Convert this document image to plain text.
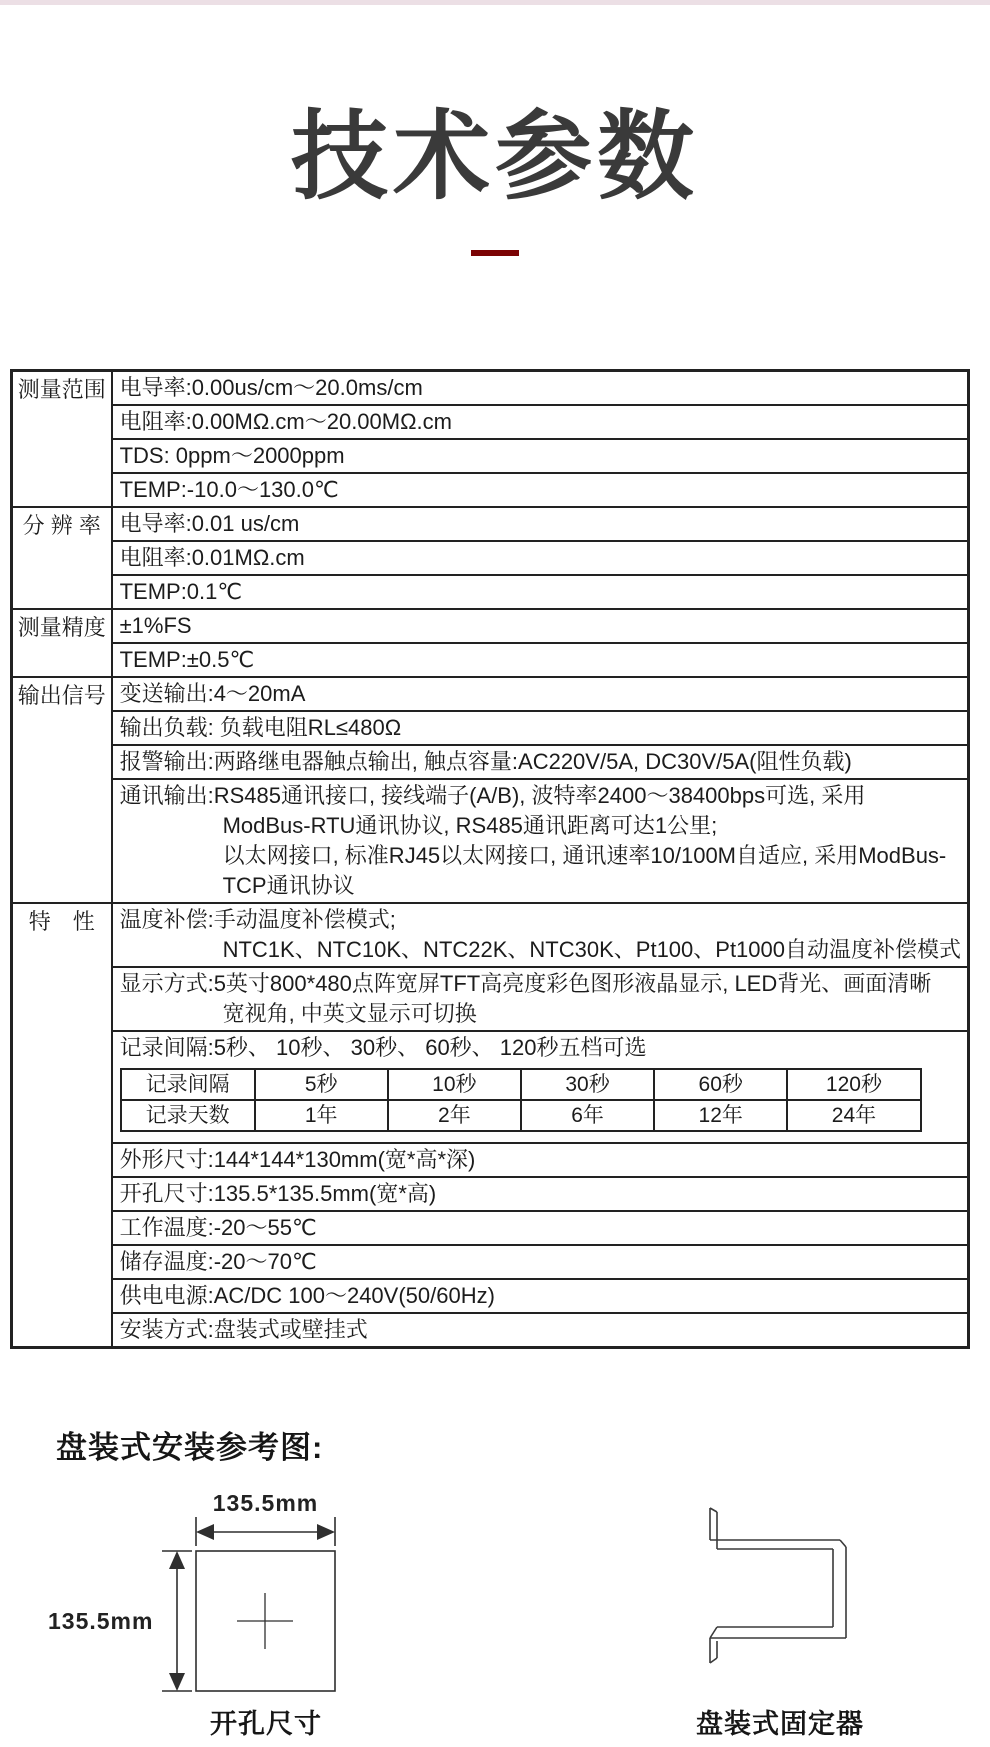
技术参数
测量范围	电导率:0.00us/cm～20.0ms/cm

电阻率:0.00MΩ.cm～20.00MΩ.cm

TDS: 0ppm～2000ppm

TEMP:-10.0～130.0℃

分 辨 率	电导率:0.01 us/cm

电阻率:0.01MΩ.cm

TEMP:0.1℃

测量精度	±1%FS

TEMP:±0.5℃

输出信号	变送输出:4～20mA

输出负载: 负载电阻RL≤480Ω

报警输出:两路继电器触点输出, 触点容量:AC220V/5A, DC30V/5A(阻性负载)

通讯输出:RS485通讯接口, 接线端子(A/B), 波特率2400～38400bps可选, 采用
ModBus-RTU通讯协议, RS485通讯距离可达1公里;
以太网接口, 标准RJ45以太网接口, 通讯速率10/100M自适应, 采用ModBus-
TCP通讯协议

特　性	温度补偿:手动温度补偿模式;
NTC1K、NTC10K、NTC22K、NTC30K、Pt100、Pt1000自动温度补偿模式

显示方式:5英寸800*480点阵宽屏TFT高亮度彩色图形液晶显示, LED背光、画面清晰
宽视角, 中英文显示可切换

记录间隔:5秒、 10秒、 30秒、 60秒、 120秒五档可选
记录间隔	5秒	10秒	30秒	60秒	120秒
记录天数	1年	2年	6年	12年	24年

外形尺寸:144*144*130mm(宽*高*深)

开孔尺寸:135.5*135.5mm(宽*高)

工作温度:-20～55℃

储存温度:-20～70℃

供电电源:AC/DC 100～240V(50/60Hz)

安装方式:盘装式或壁挂式
盘装式安装参考图:
135.5mm
135.5mm
开孔尺寸	盘装式固定器
